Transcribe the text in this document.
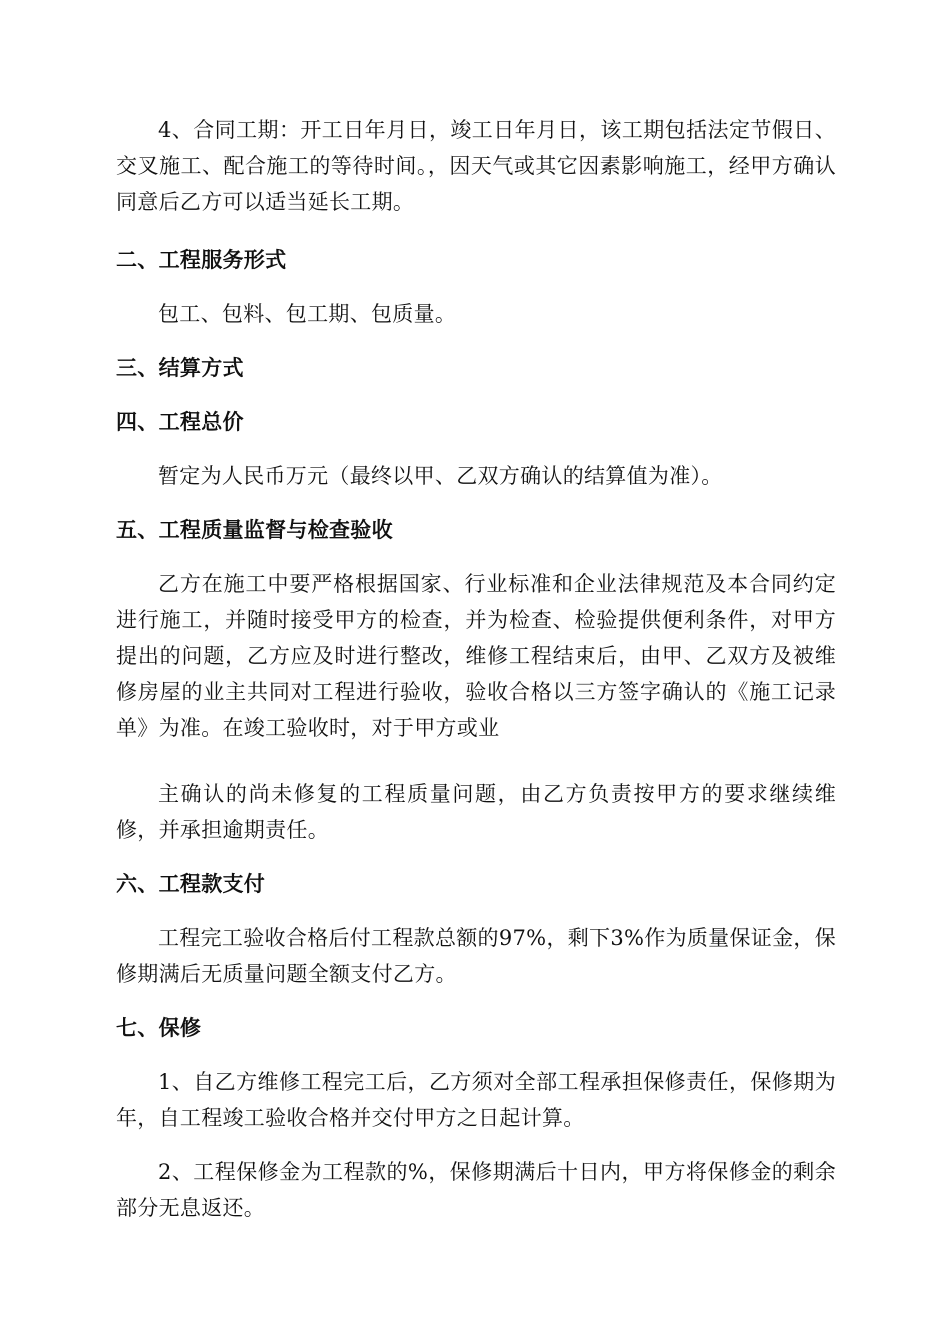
4、合同工期：开工日年月日，竣工日年月日，该工期包括法定节假日、交叉施工、配合施工的等待时间。，因天气或其它因素影响施工，经甲方确认同意后乙方可以适当延长工期。

二、工程服务形式

包工、包料、包工期、包质量。

三、结算方式
四、工程总价

暂定为人民币万元（最终以甲、乙双方确认的结算值为准）。

五、工程质量监督与检查验收

乙方在施工中要严格根据国家、行业标准和企业法律规范及本合同约定进行施工，并随时接受甲方的检查，并为检查、检验提供便利条件，对甲方提出的问题，乙方应及时进行整改，维修工程结束后，由甲、乙双方及被维修房屋的业主共同对工程进行验收，验收合格以三方签字确认的《施工记录单》为准。在竣工验收时，对于甲方或业

主确认的尚未修复的工程质量问题，由乙方负责按甲方的要求继续维修，并承担逾期责任。

六、工程款支付

工程完工验收合格后付工程款总额的97%，剩下3%作为质量保证金，保修期满后无质量问题全额支付乙方。

七、保修

1、自乙方维修工程完工后，乙方须对全部工程承担保修责任，保修期为年，自工程竣工验收合格并交付甲方之日起计算。

2、工程保修金为工程款的%，保修期满后十日内，甲方将保修金的剩余部分无息返还。
